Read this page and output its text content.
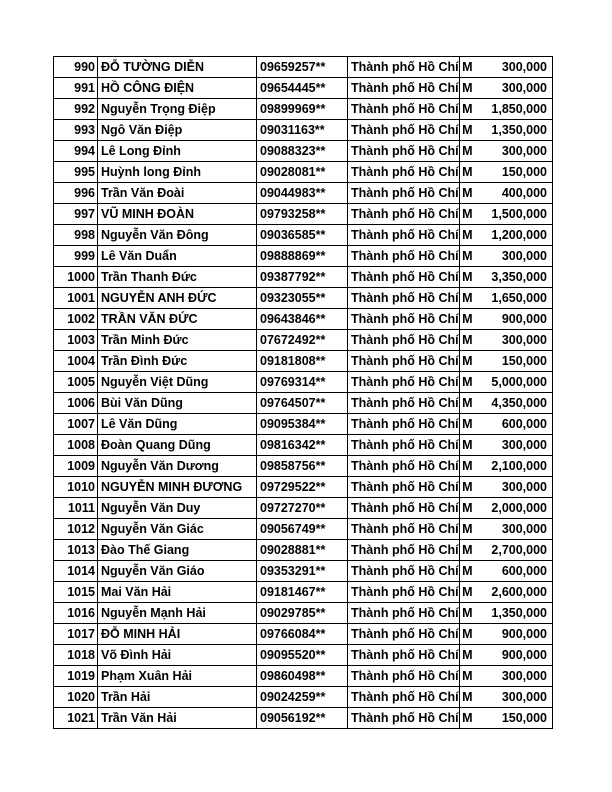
990	ĐỖ TƯỜNG DIỄN	09659257**	Thành phố Hồ Chí M	300,000
991	HỒ CÔNG ĐIỆN	09654445**	Thành phố Hồ Chí M	300,000
992	Nguyễn Trọng Điệp	09899969**	Thành phố Hồ Chí M	1,850,000
993	Ngô Văn Điệp	09031163**	Thành phố Hồ Chí M	1,350,000
994	Lê Long Đỉnh	09088323**	Thành phố Hồ Chí M	300,000
995	Huỳnh long Đỉnh	09028081**	Thành phố Hồ Chí M	150,000
996	Trần Văn Đoài	09044983**	Thành phố Hồ Chí M	400,000
997	VŨ MINH ĐOÀN	09793258**	Thành phố Hồ Chí M	1,500,000
998	Nguyễn Văn Đông	09036585**	Thành phố Hồ Chí M	1,200,000
999	Lê Văn Duẩn	09888869**	Thành phố Hồ Chí M	300,000
1000	Trần Thanh Đức	09387792**	Thành phố Hồ Chí M	3,350,000
1001	NGUYỄN ANH ĐỨC	09323055**	Thành phố Hồ Chí M	1,650,000
1002	TRẦN VĂN ĐỨC	09643846**	Thành phố Hồ Chí M	900,000
1003	Trần Minh Đức	07672492**	Thành phố Hồ Chí M	300,000
1004	Trần Đình Đức	09181808**	Thành phố Hồ Chí M	150,000
1005	Nguyễn Việt Dũng	09769314**	Thành phố Hồ Chí M	5,000,000
1006	Bùi Văn Dũng	09764507**	Thành phố Hồ Chí M	4,350,000
1007	Lê Văn Dũng	09095384**	Thành phố Hồ Chí M	600,000
1008	Đoàn Quang Dũng	09816342**	Thành phố Hồ Chí M	300,000
1009	Nguyễn Văn Dương	09858756**	Thành phố Hồ Chí M	2,100,000
1010	NGUYỄN MINH ĐƯƠNG	09729522**	Thành phố Hồ Chí M	300,000
1011	Nguyễn Văn Duy	09727270**	Thành phố Hồ Chí M	2,000,000
1012	Nguyễn Văn Giác	09056749**	Thành phố Hồ Chí M	300,000
1013	Đào Thế Giang	09028881**	Thành phố Hồ Chí M	2,700,000
1014	Nguyễn Văn Giáo	09353291**	Thành phố Hồ Chí M	600,000
1015	Mai Văn Hải	09181467**	Thành phố Hồ Chí M	2,600,000
1016	Nguyễn Mạnh Hải	09029785**	Thành phố Hồ Chí M	1,350,000
1017	ĐỖ MINH HẢI	09766084**	Thành phố Hồ Chí M	900,000
1018	Võ Đình Hải	09095520**	Thành phố Hồ Chí M	900,000
1019	Phạm Xuân Hải	09860498**	Thành phố Hồ Chí M	300,000
1020	Trần Hải	09024259**	Thành phố Hồ Chí M	300,000
1021	Trần Văn Hải	09056192**	Thành phố Hồ Chí M	150,000
